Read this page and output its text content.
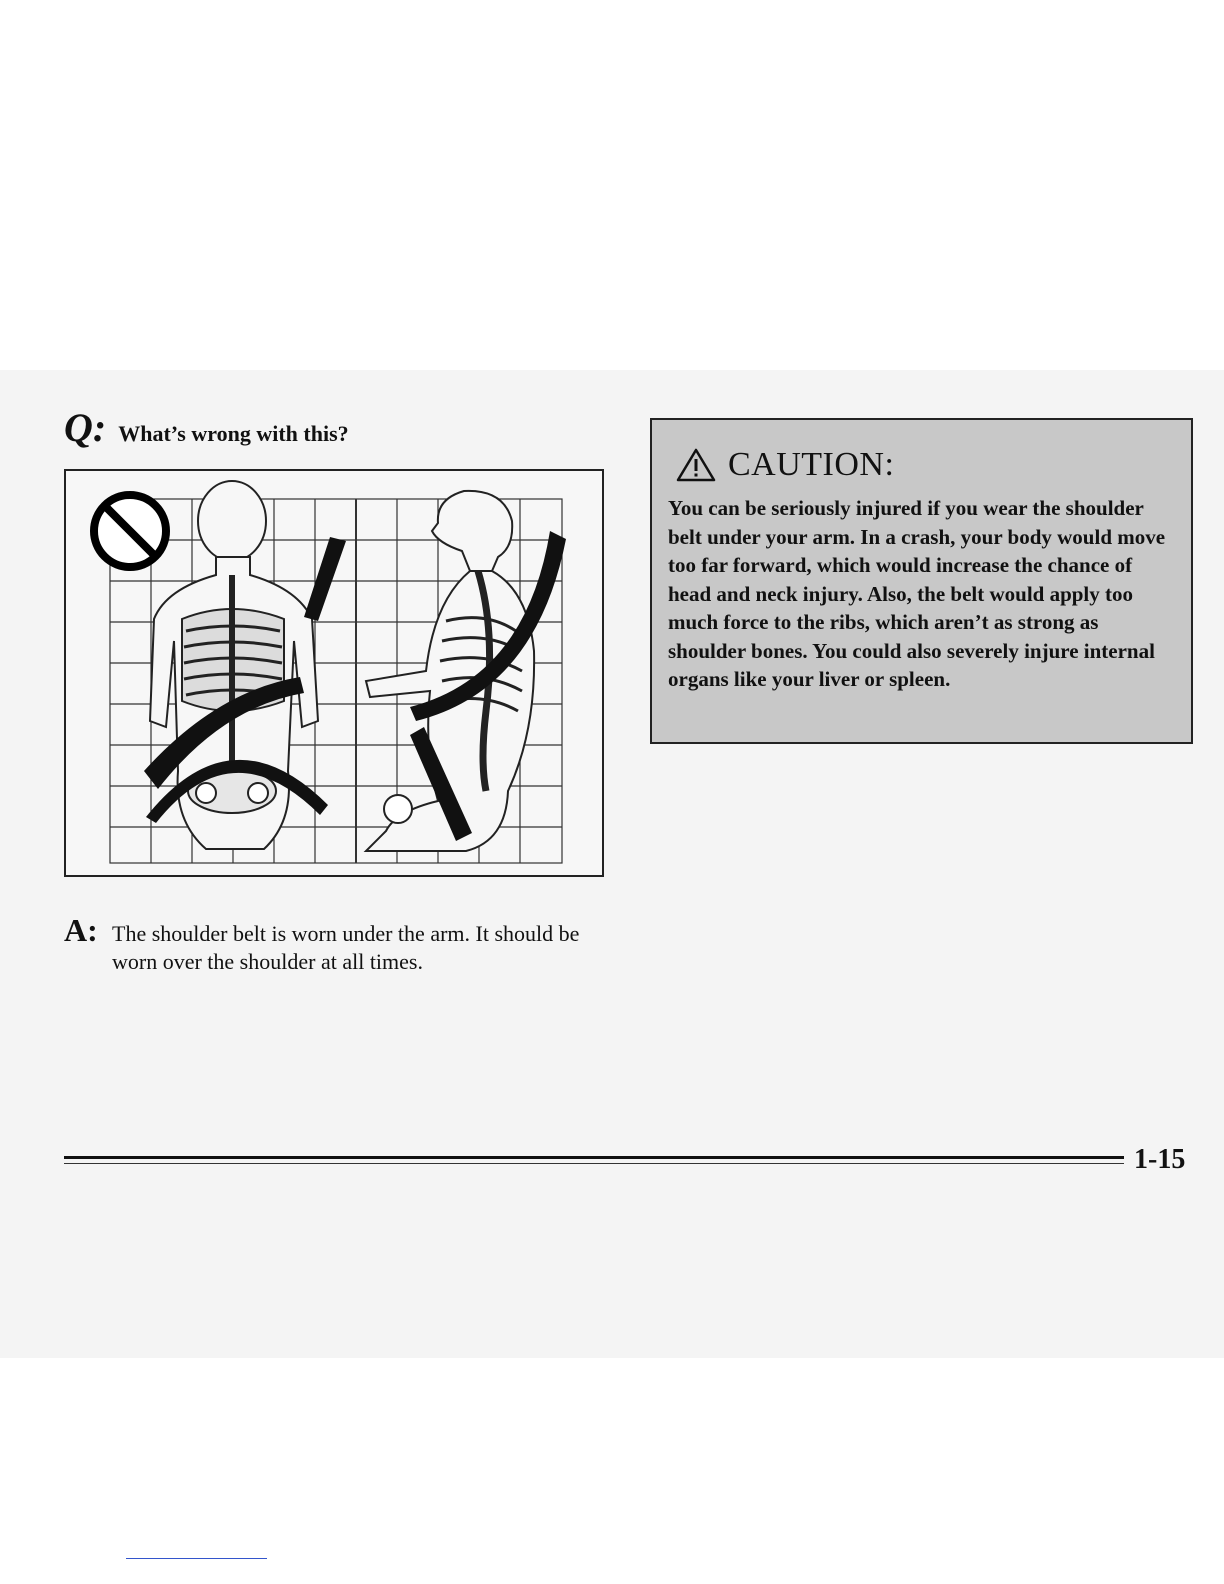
Q: What’s wrong with this?
A: The shoulder belt is worn under the arm. It should be worn over the shoulder at all times.
CAUTION:
You can be seriously injured if you wear the shoulder belt under your arm. In a crash, your body would move too far forward, which would increase the chance of head and neck injury. Also, the belt would apply too much force to the ribs, which aren’t as strong as shoulder bones. You could also severely injure internal organs like your liver or spleen.
1-15
